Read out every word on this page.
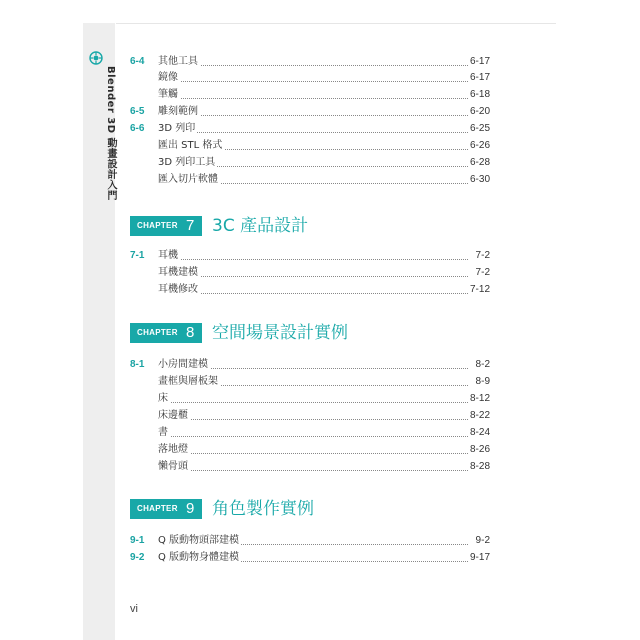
Blender 3D 動畫設計入門
6-4 其他工具	6-17
鏡像	6-17
筆觸	6-18
6-5 雕刻範例	6-20
6-6 3D 列印	6-25
匯出 STL 格式	6-26
3D 列印工具	6-28
匯入切片軟體	6-30
CHAPTER 7 3C 產品設計
7-1 耳機	7-2
耳機建模	7-2
耳機修改	7-12
CHAPTER 8 空間場景設計實例
8-1 小房間建模	8-2
畫框與層板架	8-9
床	8-12
床邊櫃	8-22
書	8-24
落地燈	8-26
懶骨頭	8-28
CHAPTER 9 角色製作實例
9-1 Q 版動物頭部建模	9-2
9-2 Q 版動物身體建模	9-17
vi
